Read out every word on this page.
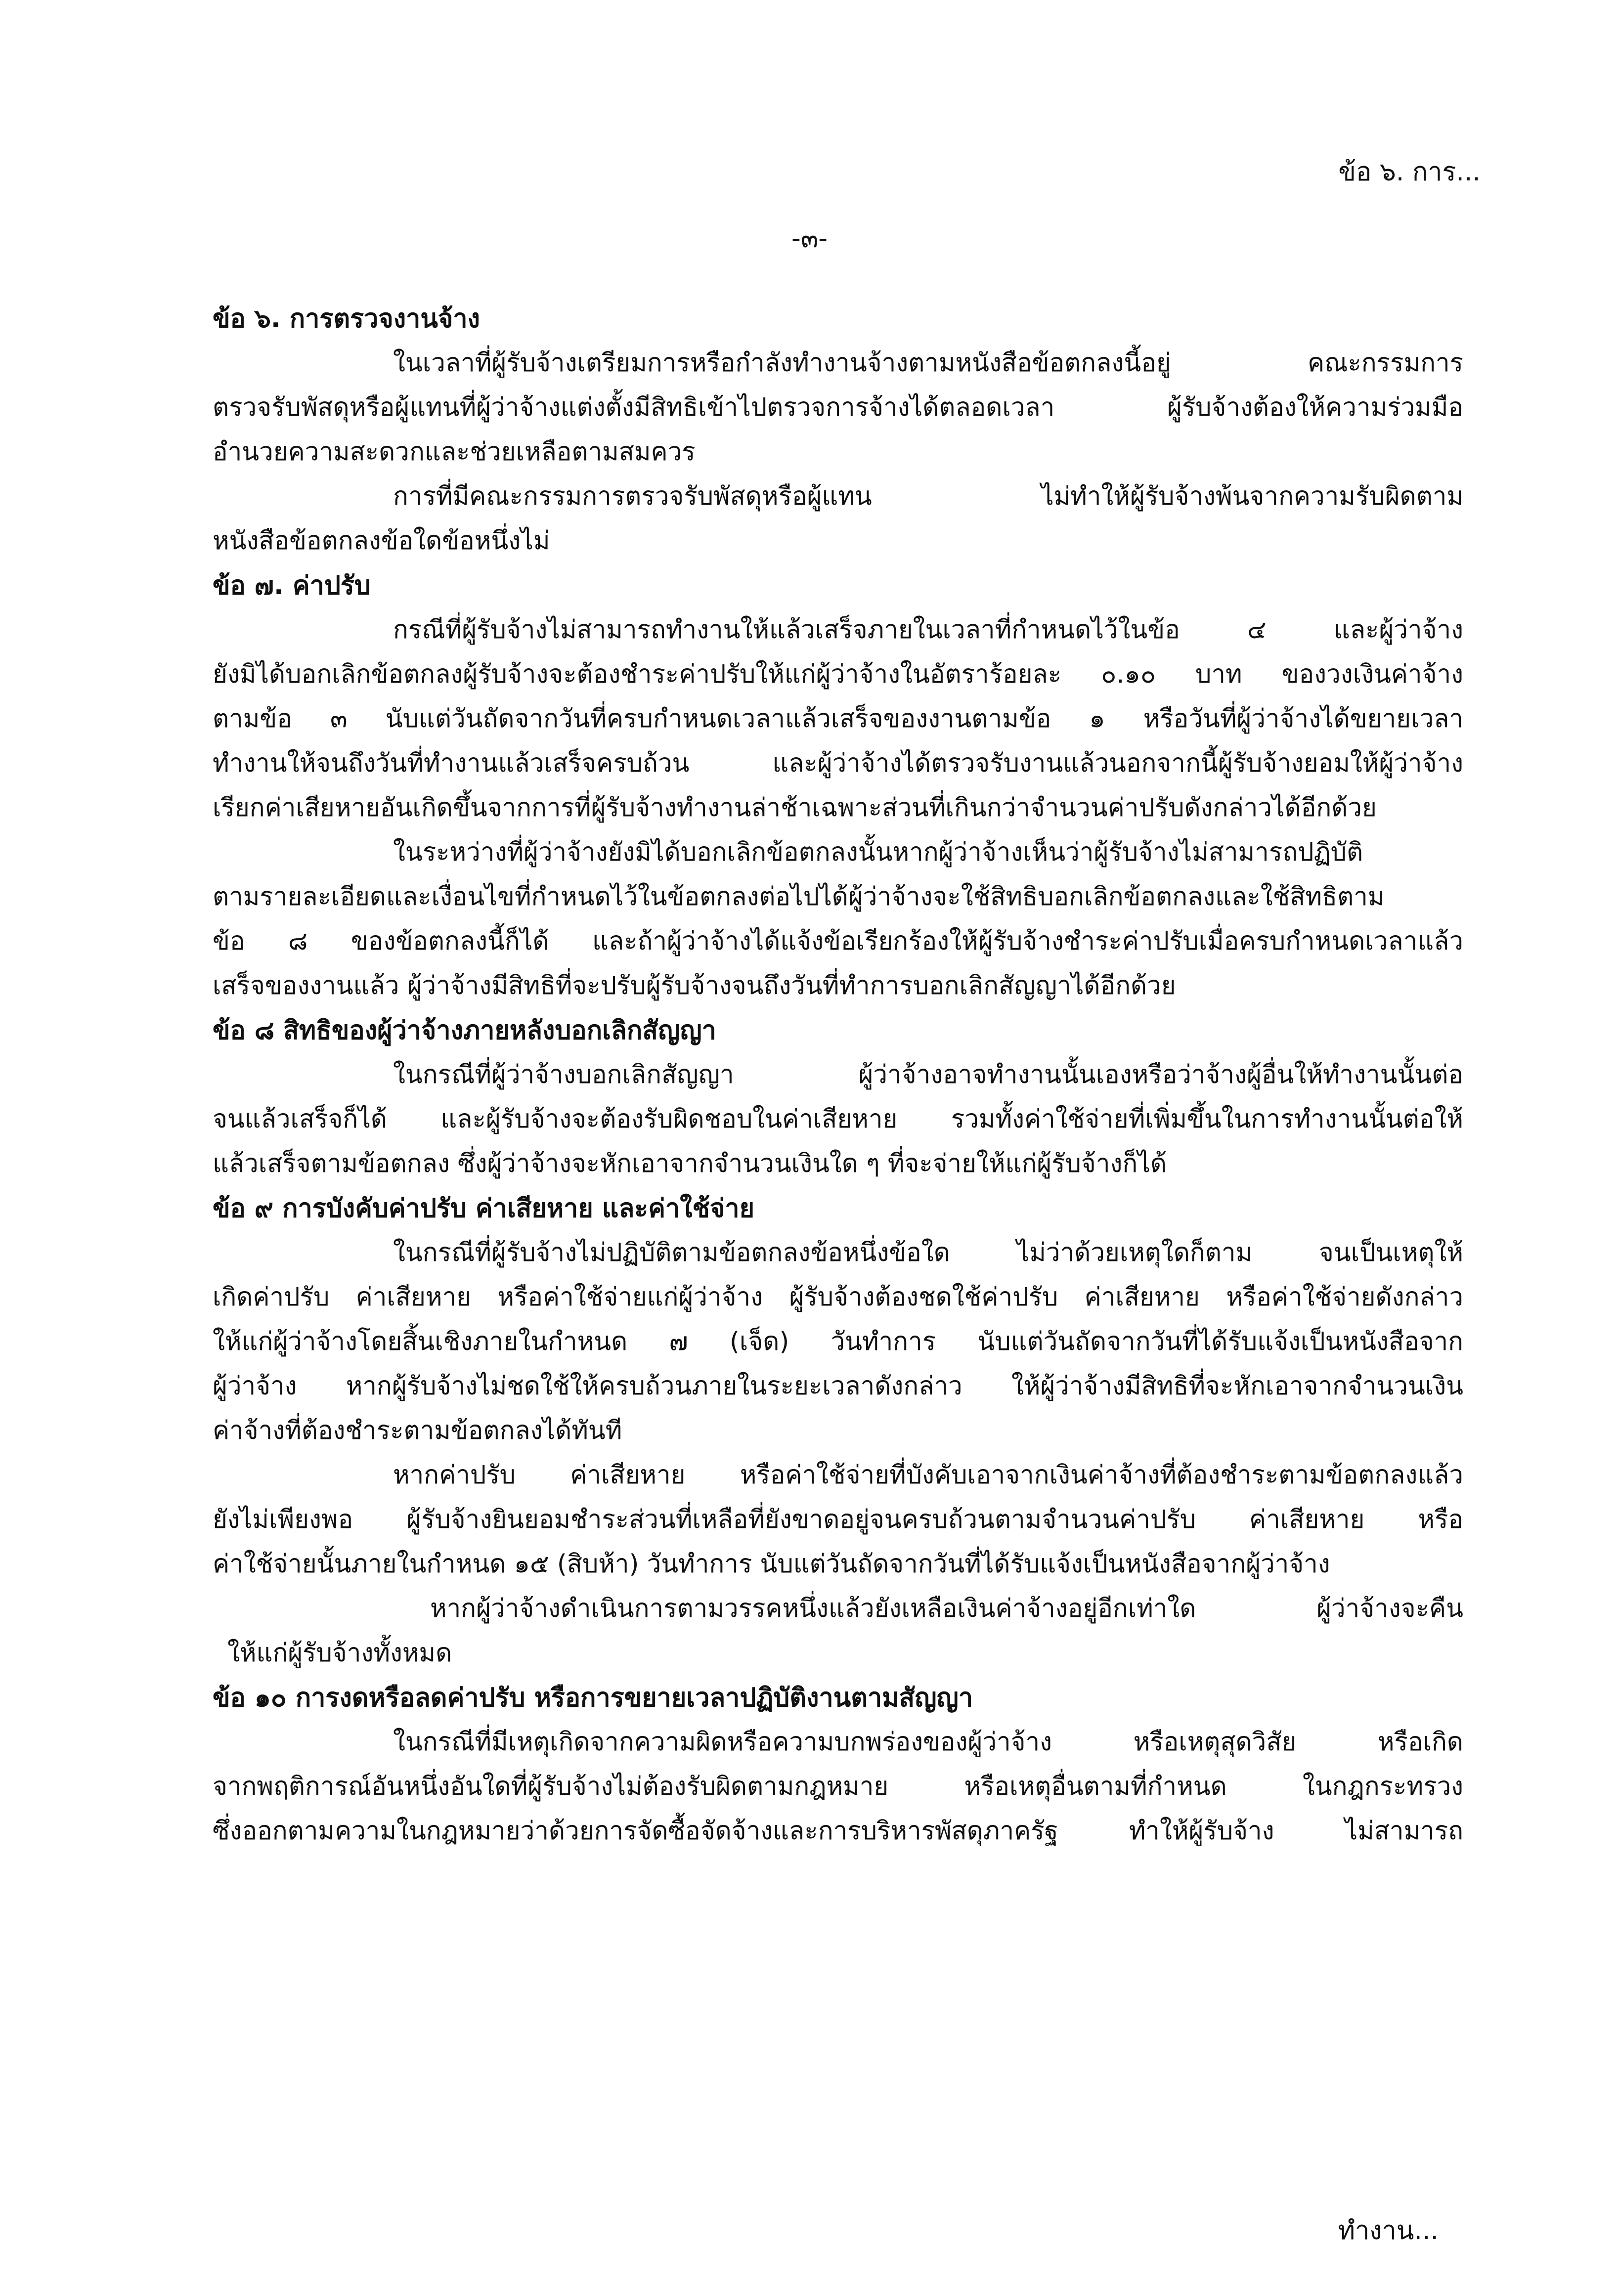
ข้อ ๖. การ...
-๓-
ข้อ ๖. การตรวจงานจ้าง
ในเวลาที่ผู้รับจ้างเตรียมการหรือกำลังทำงานจ้างตามหนังสือข้อตกลงนี้อยู่ คณะกรรมการ
ตรวจรับพัสดุหรือผู้แทนที่ผู้ว่าจ้างแต่งตั้งมีสิทธิเข้าไปตรวจการจ้างได้ตลอดเวลา ผู้รับจ้างต้องให้ความร่วมมือ
อำนวยความสะดวกและช่วยเหลือตามสมควร
การที่มีคณะกรรมการตรวจรับพัสดุหรือผู้แทน ไม่ทำให้ผู้รับจ้างพ้นจากความรับผิดตาม
หนังสือข้อตกลงข้อใดข้อหนึ่งไม่
ข้อ ๗. ค่าปรับ
กรณีที่ผู้รับจ้างไม่สามารถทำงานให้แล้วเสร็จภายในเวลาที่กำหนดไว้ในข้อ ๔ และผู้ว่าจ้าง
ยังมิได้บอกเลิกข้อตกลงผู้รับจ้างจะต้องชำระค่าปรับให้แก่ผู้ว่าจ้างในอัตราร้อยละ ๐.๑๐ บาท ของวงเงินค่าจ้าง
ตามข้อ ๓ นับแต่วันถัดจากวันที่ครบกำหนดเวลาแล้วเสร็จของงานตามข้อ ๑ หรือวันที่ผู้ว่าจ้างได้ขยายเวลา
ทำงานให้จนถึงวันที่ทำงานแล้วเสร็จครบถ้วน และผู้ว่าจ้างได้ตรวจรับงานแล้วนอกจากนี้ผู้รับจ้างยอมให้ผู้ว่าจ้าง
เรียกค่าเสียหายอันเกิดขึ้นจากการที่ผู้รับจ้างทำงานล่าช้าเฉพาะส่วนที่เกินกว่าจำนวนค่าปรับดังกล่าวได้อีกด้วย
ในระหว่างที่ผู้ว่าจ้างยังมิได้บอกเลิกข้อตกลงนั้นหากผู้ว่าจ้างเห็นว่าผู้รับจ้างไม่สามารถปฏิบัติ
ตามรายละเอียดและเงื่อนไขที่กำหนดไว้ในข้อตกลงต่อไปได้ผู้ว่าจ้างจะใช้สิทธิบอกเลิกข้อตกลงและใช้สิทธิตาม
ข้อ ๘ ของข้อตกลงนี้ก็ได้ และถ้าผู้ว่าจ้างได้แจ้งข้อเรียกร้องให้ผู้รับจ้างชำระค่าปรับเมื่อครบกำหนดเวลาแล้ว
เสร็จของงานแล้ว ผู้ว่าจ้างมีสิทธิที่จะปรับผู้รับจ้างจนถึงวันที่ทำการบอกเลิกสัญญาได้อีกด้วย
ข้อ ๘ สิทธิของผู้ว่าจ้างภายหลังบอกเลิกสัญญา
ในกรณีที่ผู้ว่าจ้างบอกเลิกสัญญา ผู้ว่าจ้างอาจทำงานนั้นเองหรือว่าจ้างผู้อื่นให้ทำงานนั้นต่อ
จนแล้วเสร็จก็ได้ และผู้รับจ้างจะต้องรับผิดชอบในค่าเสียหาย รวมทั้งค่าใช้จ่ายที่เพิ่มขึ้นในการทำงานนั้นต่อให้
แล้วเสร็จตามข้อตกลง ซึ่งผู้ว่าจ้างจะหักเอาจากจำนวนเงินใด ๆ ที่จะจ่ายให้แก่ผู้รับจ้างก็ได้
ข้อ ๙ การบังคับค่าปรับ ค่าเสียหาย และค่าใช้จ่าย
ในกรณีที่ผู้รับจ้างไม่ปฏิบัติตามข้อตกลงข้อหนึ่งข้อใด ไม่ว่าด้วยเหตุใดก็ตาม จนเป็นเหตุให้
เกิดค่าปรับ ค่าเสียหาย หรือค่าใช้จ่ายแก่ผู้ว่าจ้าง ผู้รับจ้างต้องชดใช้ค่าปรับ ค่าเสียหาย หรือค่าใช้จ่ายดังกล่าว
ให้แก่ผู้ว่าจ้างโดยสิ้นเชิงภายในกำหนด ๗ (เจ็ด) วันทำการ นับแต่วันถัดจากวันที่ได้รับแจ้งเป็นหนังสือจาก
ผู้ว่าจ้าง หากผู้รับจ้างไม่ชดใช้ให้ครบถ้วนภายในระยะเวลาดังกล่าว ให้ผู้ว่าจ้างมีสิทธิที่จะหักเอาจากจำนวนเงิน
ค่าจ้างที่ต้องชำระตามข้อตกลงได้ทันที
หากค่าปรับ ค่าเสียหาย หรือค่าใช้จ่ายที่บังคับเอาจากเงินค่าจ้างที่ต้องชำระตามข้อตกลงแล้ว
ยังไม่เพียงพอ ผู้รับจ้างยินยอมชำระส่วนที่เหลือที่ยังขาดอยู่จนครบถ้วนตามจำนวนค่าปรับ ค่าเสียหาย หรือ
ค่าใช้จ่ายนั้นภายในกำหนด ๑๕ (สิบห้า) วันทำการ นับแต่วันถัดจากวันที่ได้รับแจ้งเป็นหนังสือจากผู้ว่าจ้าง
หากผู้ว่าจ้างดำเนินการตามวรรคหนึ่งแล้วยังเหลือเงินค่าจ้างอยู่อีกเท่าใด ผู้ว่าจ้างจะคืน
ให้แก่ผู้รับจ้างทั้งหมด
ข้อ ๑๐ การงดหรือลดค่าปรับ หรือการขยายเวลาปฏิบัติงานตามสัญญา
ในกรณีที่มีเหตุเกิดจากความผิดหรือความบกพร่องของผู้ว่าจ้าง หรือเหตุสุดวิสัย หรือเกิด
จากพฤติการณ์อันหนึ่งอันใดที่ผู้รับจ้างไม่ต้องรับผิดตามกฎหมาย หรือเหตุอื่นตามที่กำหนด ในกฎกระทรวง
ซึ่งออกตามความในกฎหมายว่าด้วยการจัดซื้อจัดจ้างและการบริหารพัสดุภาครัฐ ทำให้ผู้รับจ้าง ไม่สามารถ
ทำงาน...
